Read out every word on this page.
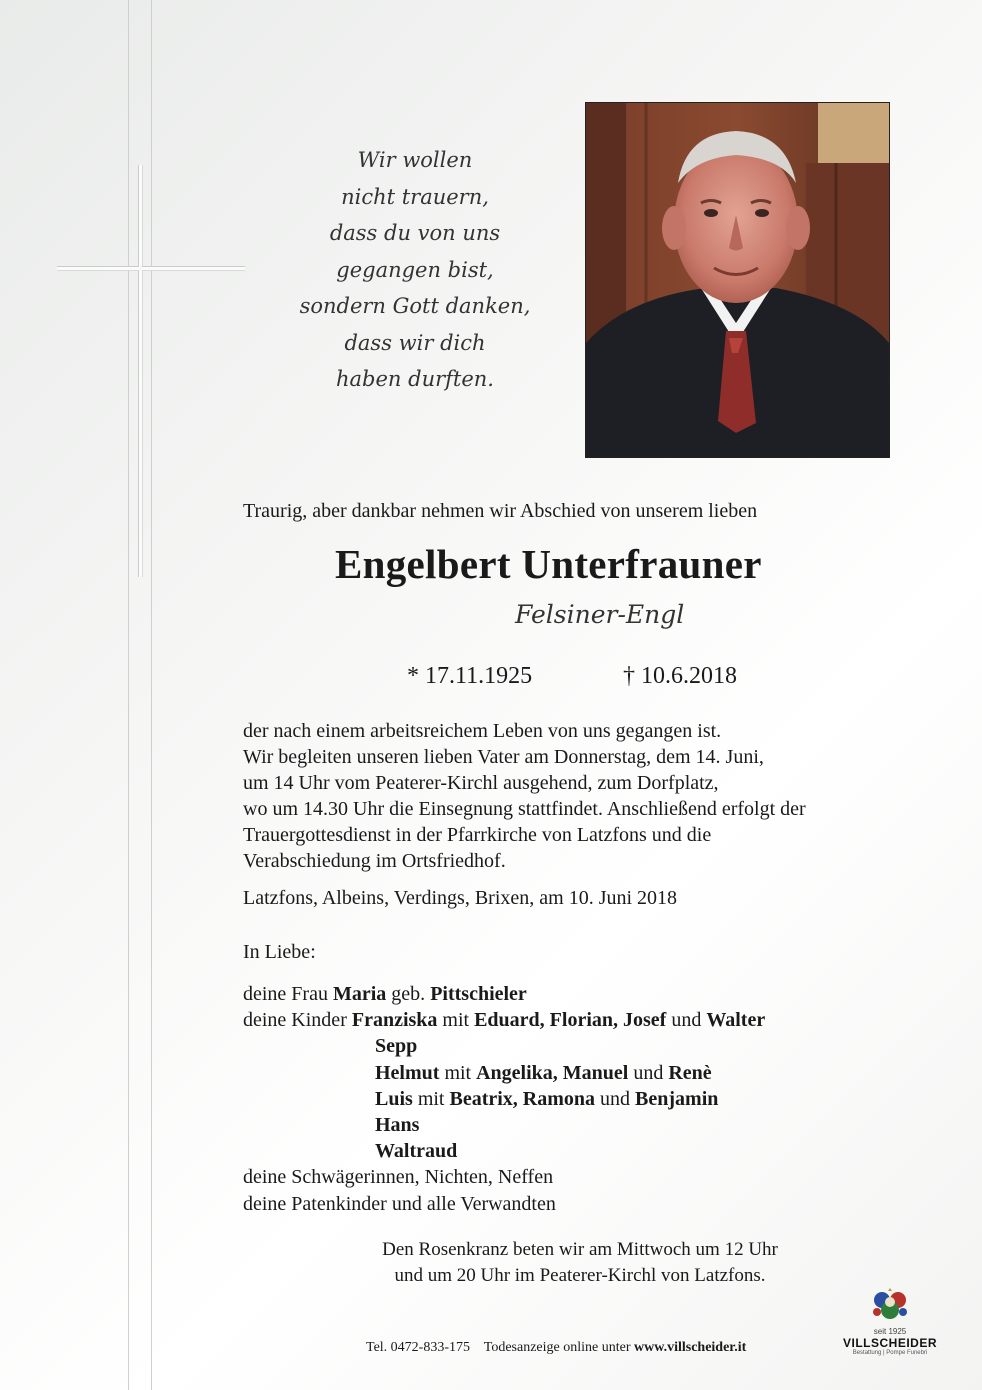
Wir wollen
nicht trauern,
dass du von uns
gegangen bist,
sondern Gott danken,
dass wir dich
haben durften.
Traurig, aber dankbar nehmen wir Abschied von unserem lieben
Engelbert Unterfrauner
Felsiner-Engl
* 17.11.1925	† 10.6.2018
der nach einem arbeitsreichem Leben von uns gegangen ist.
Wir begleiten unseren lieben Vater am Donnerstag, dem 14. Juni,
um 14 Uhr vom Peaterer-Kirchl ausgehend, zum Dorfplatz,
wo um 14.30 Uhr die Einsegnung stattfindet. Anschließend erfolgt der
Trauergottesdienst in der Pfarrkirche von Latzfons und die
Verabschiedung im Ortsfriedhof.
Latzfons, Albeins, Verdings, Brixen, am 10. Juni 2018
In Liebe:
deine Frau Maria geb. Pittschieler
deine Kinder Franziska mit Eduard, Florian, Josef und Walter
Sepp
Helmut mit Angelika, Manuel und Renè
Luis mit Beatrix, Ramona und Benjamin
Hans
Waltraud
deine Schwägerinnen, Nichten, Neffen
deine Patenkinder und alle Verwandten
Den Rosenkranz beten wir am Mittwoch um 12 Uhr
und um 20 Uhr im Peaterer-Kirchl von Latzfons.
Tel. 0472-833-175 Todesanzeige online unter www.villscheider.it
seit 1925
VILLSCHEIDER
Bestattung | Pompe Funebri
